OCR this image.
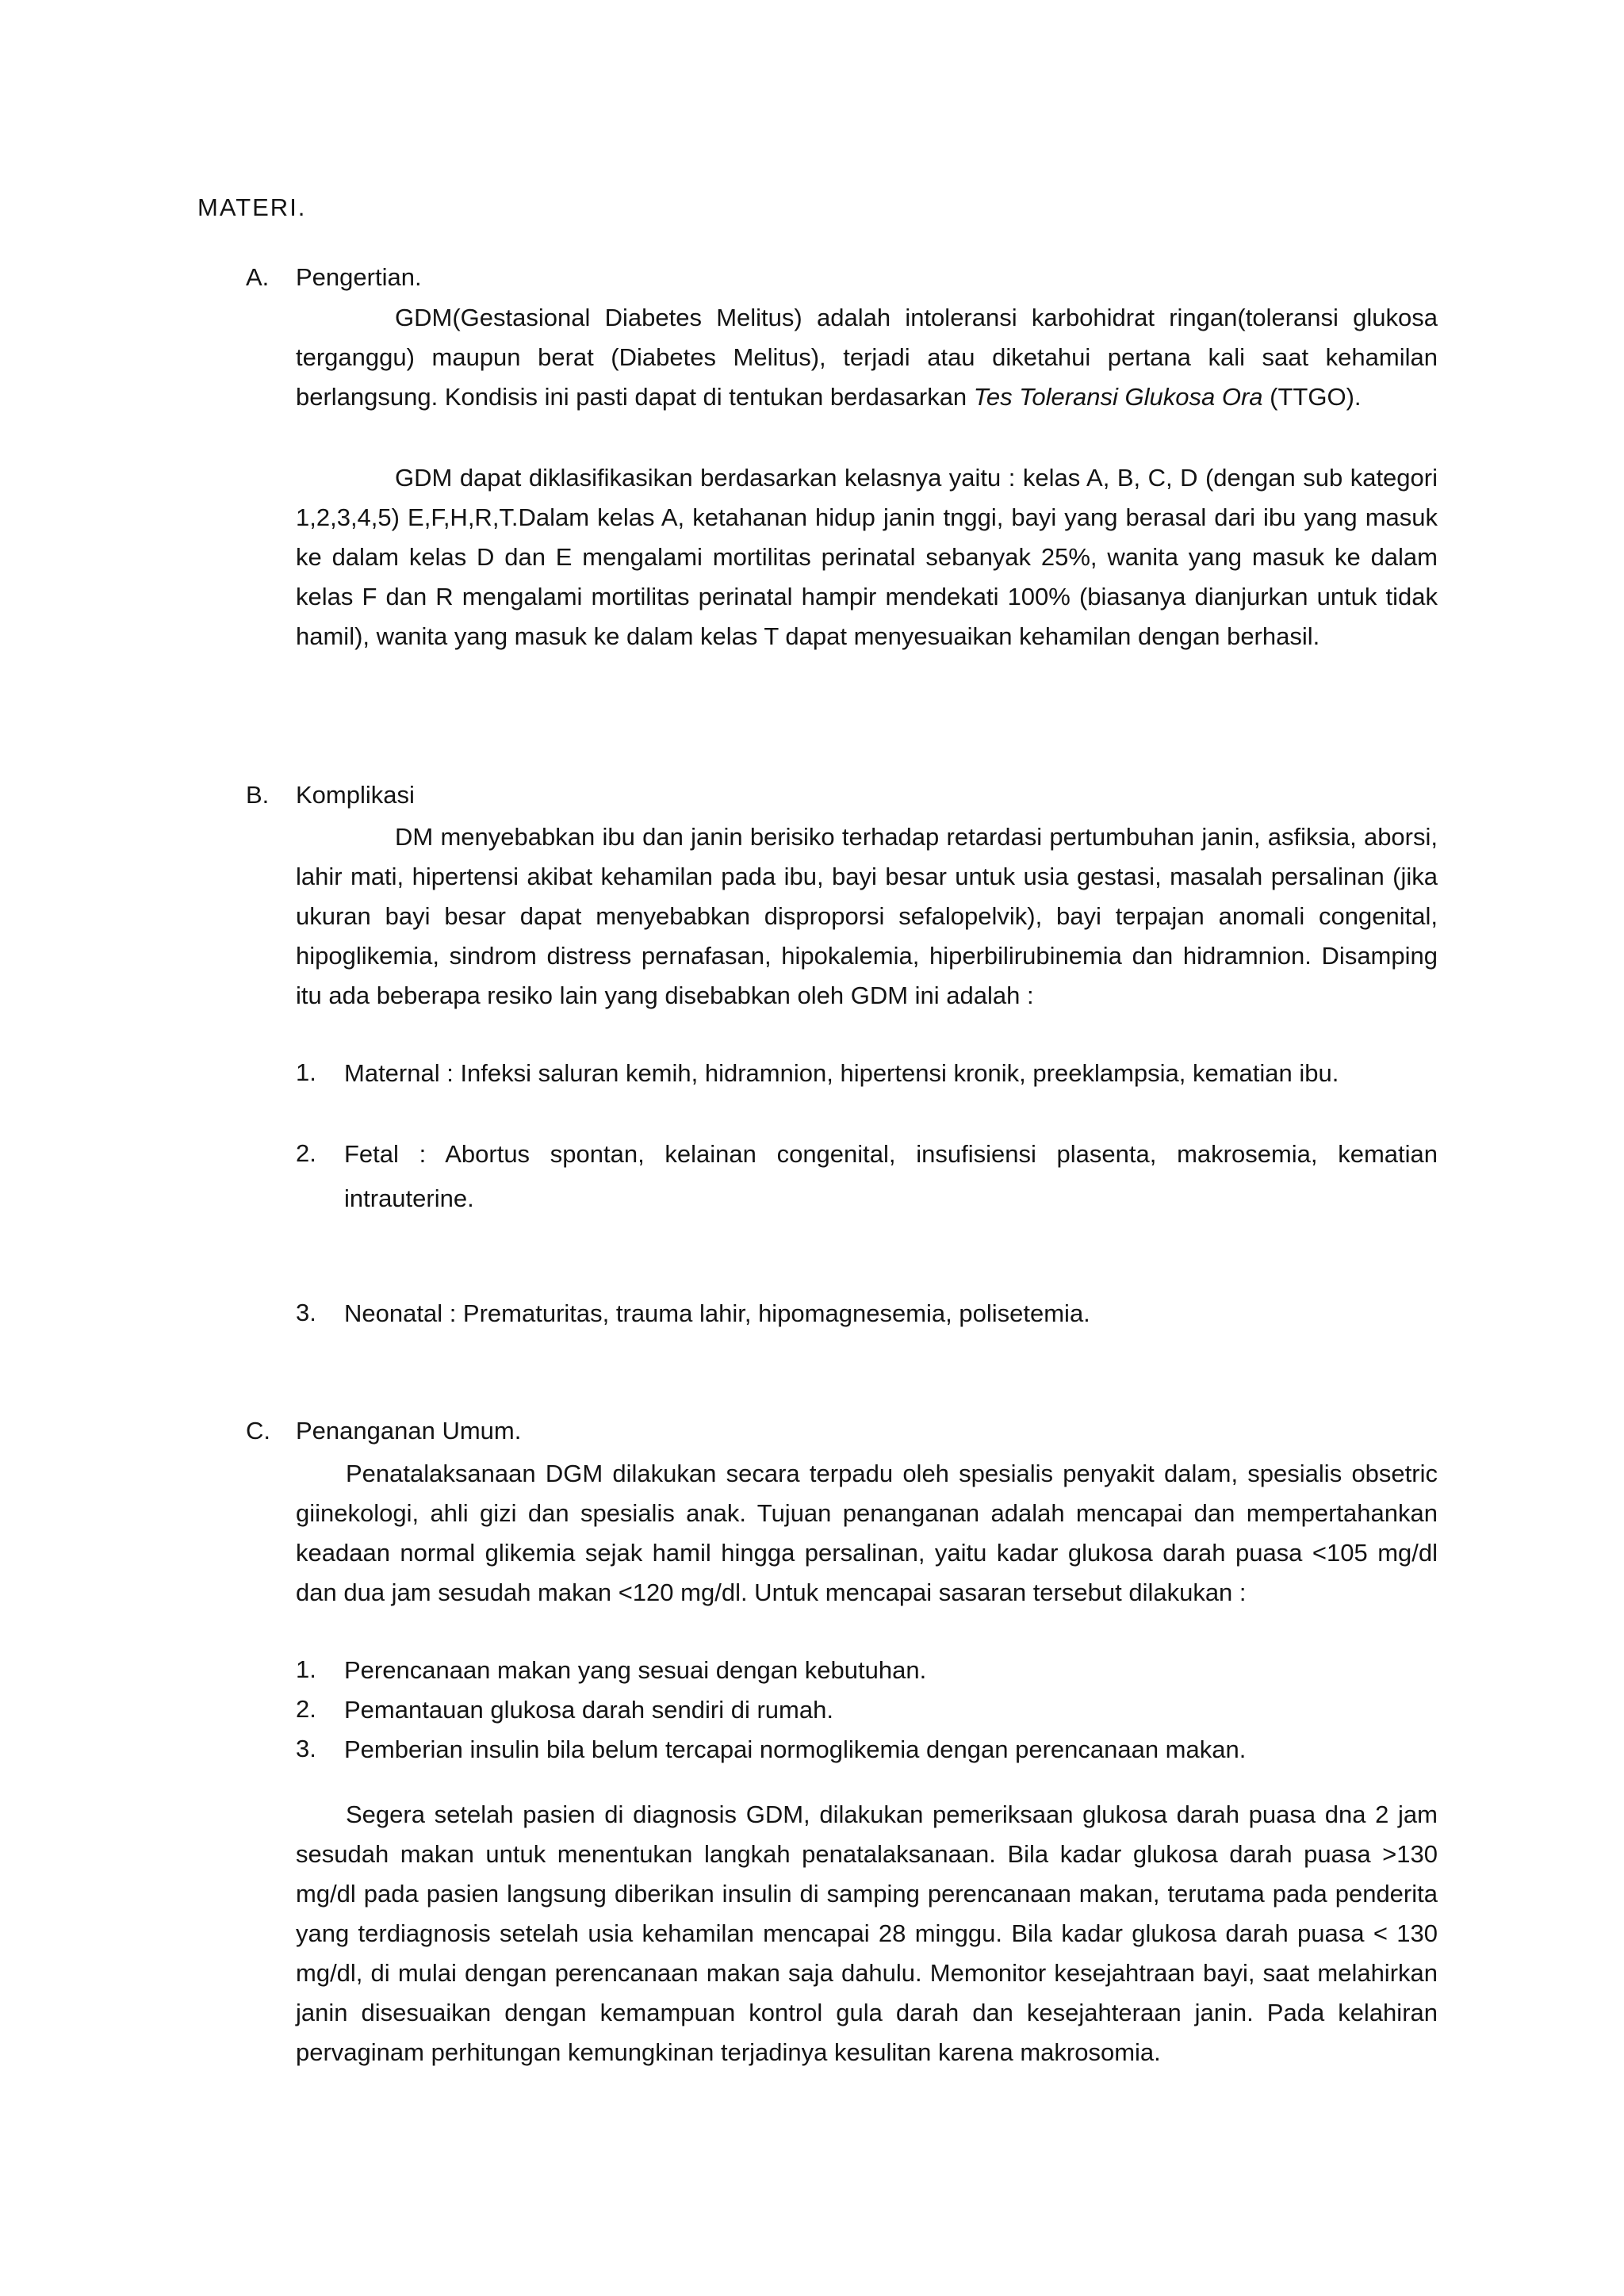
MATERI.
A. Pengertian.
GDM(Gestasional Diabetes Melitus) adalah intoleransi karbohidrat ringan(toleransi glukosa terganggu) maupun berat (Diabetes Melitus), terjadi atau diketahui pertana kali saat kehamilan berlangsung. Kondisis ini pasti dapat di tentukan berdasarkan Tes Toleransi Glukosa Ora (TTGO).
GDM dapat diklasifikasikan berdasarkan kelasnya yaitu : kelas A, B, C, D (dengan sub kategori 1,2,3,4,5) E,F,H,R,T.Dalam kelas A, ketahanan hidup janin tnggi, bayi yang berasal dari ibu yang masuk ke dalam kelas D dan E mengalami mortilitas perinatal sebanyak 25%, wanita yang masuk ke dalam kelas F dan R mengalami mortilitas perinatal hampir mendekati 100% (biasanya dianjurkan untuk tidak hamil), wanita yang masuk ke dalam kelas T dapat menyesuaikan kehamilan dengan berhasil.
B. Komplikasi
DM menyebabkan ibu dan janin berisiko terhadap retardasi pertumbuhan janin, asfiksia, aborsi, lahir mati, hipertensi akibat kehamilan pada ibu, bayi besar untuk usia gestasi, masalah persalinan (jika ukuran bayi besar dapat menyebabkan disproporsi sefalopelvik), bayi terpajan anomali congenital, hipoglikemia, sindrom distress pernafasan, hipokalemia, hiperbilirubinemia dan hidramnion. Disamping itu ada beberapa resiko lain yang disebabkan oleh GDM ini adalah :
1. Maternal : Infeksi saluran kemih, hidramnion, hipertensi kronik, preeklampsia, kematian ibu.
2. Fetal : Abortus spontan, kelainan congenital, insufisiensi plasenta, makrosemia, kematian intrauterine.
3. Neonatal : Prematuritas, trauma lahir, hipomagnesemia, polisetemia.
C. Penanganan Umum.
Penatalaksanaan DGM dilakukan secara terpadu oleh spesialis penyakit dalam, spesialis obsetric giinekologi, ahli gizi dan spesialis anak. Tujuan penanganan adalah mencapai dan mempertahankan keadaan normal glikemia sejak hamil hingga persalinan, yaitu kadar glukosa darah puasa <105 mg/dl dan dua jam sesudah makan <120 mg/dl. Untuk mencapai sasaran tersebut dilakukan :
1. Perencanaan makan yang sesuai dengan kebutuhan.
2. Pemantauan glukosa darah sendiri di rumah.
3. Pemberian insulin bila belum tercapai normoglikemia dengan perencanaan makan.
Segera setelah pasien di diagnosis GDM, dilakukan pemeriksaan glukosa darah puasa dna 2 jam sesudah makan untuk menentukan langkah penatalaksanaan. Bila kadar glukosa darah puasa >130 mg/dl pada pasien langsung diberikan insulin di samping perencanaan makan, terutama pada penderita yang terdiagnosis setelah usia kehamilan mencapai 28 minggu. Bila kadar glukosa darah puasa < 130 mg/dl, di mulai dengan perencanaan makan saja dahulu. Memonitor kesejahtraan bayi, saat melahirkan janin disesuaikan dengan kemampuan kontrol gula darah dan kesejahteraan janin. Pada kelahiran pervaginam perhitungan kemungkinan terjadinya kesulitan karena makrosomia.
